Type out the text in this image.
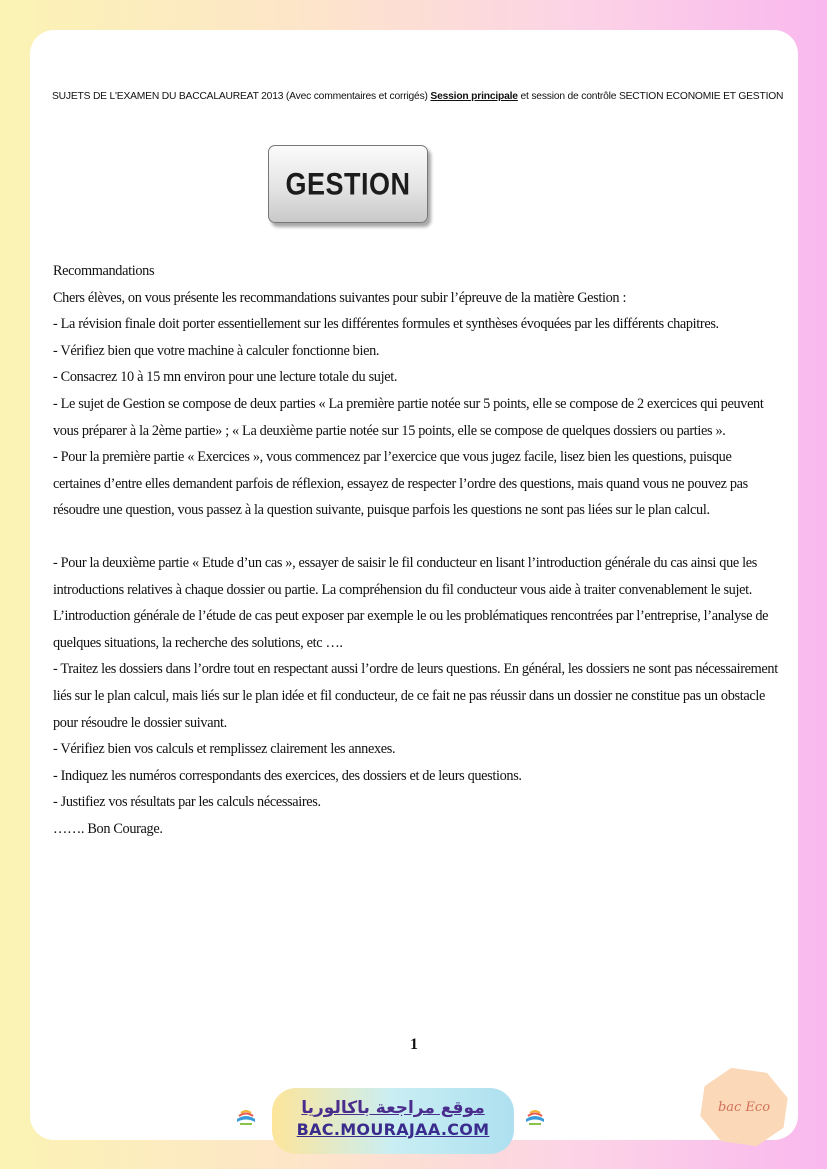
SUJETS DE L'EXAMEN DU BACCALAUREAT 2013 (Avec commentaires et corrigés) Session principale et session de contrôle SECTION ECONOMIE ET GESTION
GESTION

Recommandations

Chers élèves, on vous présente les recommandations suivantes pour subir l’épreuve de la matière Gestion :

- La révision finale doit porter essentiellement sur les différentes formules et synthèses évoquées par les différents chapitres.

- Vérifiez bien que votre machine à calculer fonctionne bien.

- Consacrez 10 à 15 mn environ pour une lecture totale du sujet.

- Le sujet de Gestion se compose de deux parties « La première partie notée sur 5 points, elle se compose de 2 exercices qui peuvent vous préparer à la 2ème partie» ; « La deuxième partie notée sur 15 points, elle se compose de quelques dossiers ou parties ».

- Pour la première partie « Exercices », vous commencez par l’exercice que vous jugez facile, lisez bien les questions, puisque certaines d’entre elles demandent parfois de réflexion, essayez de respecter l’ordre des questions, mais quand vous ne pouvez pas résoudre une question, vous passez à la question suivante, puisque parfois les questions ne sont pas liées sur le plan calcul.

- Pour la deuxième partie « Etude d’un cas », essayer de saisir le fil conducteur en lisant l’introduction générale du cas ainsi que les introductions relatives à chaque dossier ou partie. La compréhension du fil conducteur vous aide à traiter convenablement le sujet. L’introduction générale de l’étude de cas peut exposer par exemple le ou les problématiques rencontrées par l’entreprise, l’analyse de quelques situations, la recherche des solutions, etc ….

- Traitez les dossiers dans l’ordre tout en respectant aussi l’ordre de leurs questions. En général, les dossiers ne sont pas nécessairement liés sur le plan calcul, mais liés sur le plan idée et fil conducteur, de ce fait ne pas réussir dans un dossier ne constitue pas un obstacle pour résoudre le dossier suivant.

- Vérifiez bien vos calculs et remplissez clairement les annexes.

- Indiquez les numéros correspondants des exercices, des dossiers et de leurs questions.

- Justifiez vos résultats par les calculs nécessaires.

……. Bon Courage.

1
موقع مراجعة باكالوريا
BAC.MOURAJAA.COM
bac Eco
